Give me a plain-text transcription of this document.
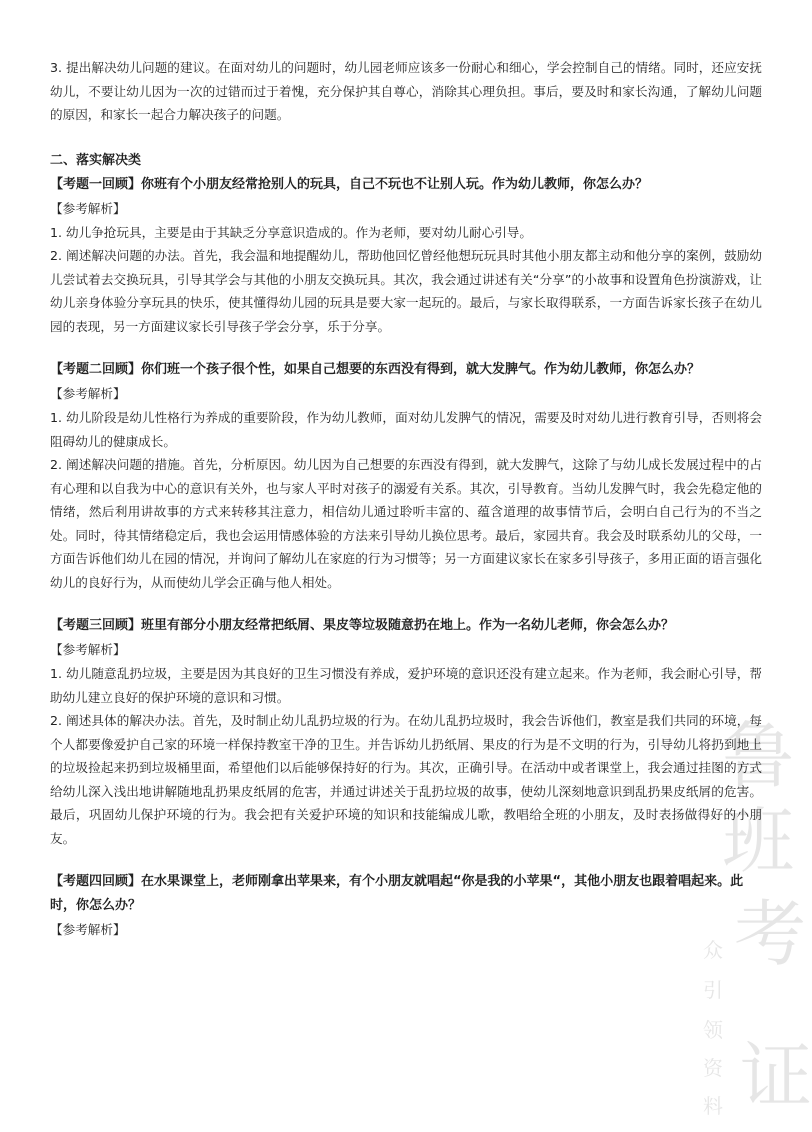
鲁
班
考
证
众
引
领
资
料

3. 提出解决幼儿问题的建议。在面对幼儿的问题时，幼儿园老师应该多一份耐心和细心，学会控制自己的情绪。同时，还应安抚幼儿，不要让幼儿因为一次的过错而过于着愧，充分保护其自尊心，消除其心理负担。事后，要及时和家长沟通，了解幼儿问题的原因，和家长一起合力解决孩子的问题。

二、落实解决类

【考题一回顾】你班有个小朋友经常抢别人的玩具，自己不玩也不让别人玩。作为幼儿教师，你怎么办？

【参考解析】

1. 幼儿争抢玩具，主要是由于其缺乏分享意识造成的。作为老师，要对幼儿耐心引导。

2. 阐述解决问题的办法。首先，我会温和地提醒幼儿，帮助他回忆曾经他想玩玩具时其他小朋友都主动和他分享的案例，鼓励幼儿尝试着去交换玩具，引导其学会与其他的小朋友交换玩具。其次，我会通过讲述有关“分享”的小故事和设置角色扮演游戏，让幼儿亲身体验分享玩具的快乐，使其懂得幼儿园的玩具是要大家一起玩的。最后，与家长取得联系，一方面告诉家长孩子在幼儿园的表现，另一方面建议家长引导孩子学会分享，乐于分享。

【考题二回顾】你们班一个孩子很个性，如果自己想要的东西没有得到，就大发脾气。作为幼儿教师，你怎么办？

【参考解析】

1. 幼儿阶段是幼儿性格行为养成的重要阶段，作为幼儿教师，面对幼儿发脾气的情况，需要及时对幼儿进行教育引导，否则将会阻碍幼儿的健康成长。

2. 阐述解决问题的措施。首先，分析原因。幼儿因为自己想要的东西没有得到，就大发脾气，这除了与幼儿成长发展过程中的占有心理和以自我为中心的意识有关外，也与家人平时对孩子的溺爱有关系。其次，引导教育。当幼儿发脾气时，我会先稳定他的情绪，然后利用讲故事的方式来转移其注意力，相信幼儿通过聆听丰富的、蕴含道理的故事情节后，会明白自己行为的不当之处。同时，待其情绪稳定后，我也会运用情感体验的方法来引导幼儿换位思考。最后，家园共育。我会及时联系幼儿的父母，一方面告诉他们幼儿在园的情况，并询问了解幼儿在家庭的行为习惯等；另一方面建议家长在家多引导孩子，多用正面的语言强化幼儿的良好行为，从而使幼儿学会正确与他人相处。

【考题三回顾】班里有部分小朋友经常把纸屑、果皮等垃圾随意扔在地上。作为一名幼儿老师，你会怎么办？

【参考解析】

1. 幼儿随意乱扔垃圾，主要是因为其良好的卫生习惯没有养成，爱护环境的意识还没有建立起来。作为老师，我会耐心引导，帮助幼儿建立良好的保护环境的意识和习惯。

2. 阐述具体的解决办法。首先，及时制止幼儿乱扔垃圾的行为。在幼儿乱扔垃圾时，我会告诉他们，教室是我们共同的环境，每个人都要像爱护自己家的环境一样保持教室干净的卫生。并告诉幼儿扔纸屑、果皮的行为是不文明的行为，引导幼儿将扔到地上的垃圾捡起来扔到垃圾桶里面，希望他们以后能够保持好的行为。其次，正确引导。在活动中或者课堂上，我会通过挂图的方式给幼儿深入浅出地讲解随地乱扔果皮纸屑的危害，并通过讲述关于乱扔垃圾的故事，使幼儿深刻地意识到乱扔果皮纸屑的危害。最后，巩固幼儿保护环境的行为。我会把有关爱护环境的知识和技能编成儿歌，教唱给全班的小朋友，及时表扬做得好的小朋友。

【考题四回顾】在水果课堂上，老师刚拿出苹果来，有个小朋友就唱起“你是我的小苹果“，其他小朋友也跟着唱起来。此时，你怎么办？

【参考解析】
